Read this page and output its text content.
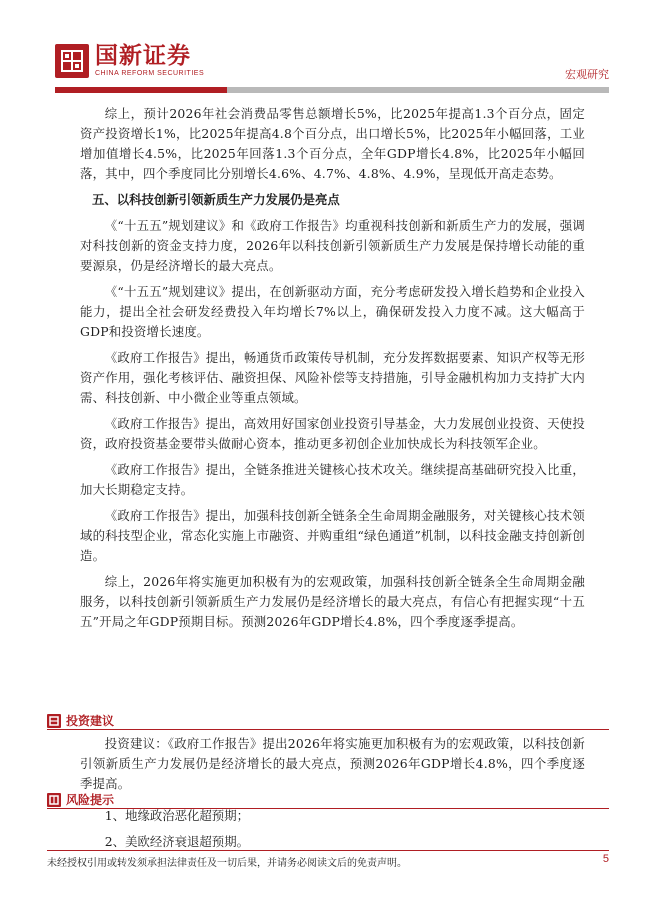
国新证券
CHINA REFORM SECURITIES	宏观研究

综上，预计2026年社会消费品零售总额增长5%，比2025年提高1.3个百分点，固定资产投资增长1%，比2025年提高4.8个百分点，出口增长5%，比2025年小幅回落，工业增加值增长4.5%，比2025年回落1.3个百分点，全年GDP增长4.8%，比2025年小幅回落，其中，四个季度同比分别增长4.6%、4.7%、4.8%、4.9%，呈现低开高走态势。

五、以科技创新引领新质生产力发展仍是亮点

《“十五五”规划建议》和《政府工作报告》均重视科技创新和新质生产力的发展，强调对科技创新的资金支持力度，2026年以科技创新引领新质生产力发展是保持增长动能的重要源泉，仍是经济增长的最大亮点。

《“十五五”规划建议》提出，在创新驱动方面，充分考虑研发投入增长趋势和企业投入能力，提出全社会研发经费投入年均增长7%以上，确保研发投入力度不减。这大幅高于GDP和投资增长速度。

《政府工作报告》提出，畅通货币政策传导机制，充分发挥数据要素、知识产权等无形资产作用，强化考核评估、融资担保、风险补偿等支持措施，引导金融机构加力支持扩大内需、科技创新、中小微企业等重点领域。

《政府工作报告》提出，高效用好国家创业投资引导基金，大力发展创业投资、天使投资，政府投资基金要带头做耐心资本，推动更多初创企业加快成长为科技领军企业。

《政府工作报告》提出，全链条推进关键核心技术攻关。继续提高基础研究投入比重，加大长期稳定支持。

《政府工作报告》提出，加强科技创新全链条全生命周期金融服务，对关键核心技术领域的科技型企业，常态化实施上市融资、并购重组“绿色通道”机制，以科技金融支持创新创造。

综上，2026年将实施更加积极有为的宏观政策，加强科技创新全链条全生命周期金融服务，以科技创新引领新质生产力发展仍是经济增长的最大亮点，有信心有把握实现“十五五”开局之年GDP预期目标。预测2026年GDP增长4.8%，四个季度逐季提高。

投资建议

投资建议：《政府工作报告》提出2026年将实施更加积极有为的宏观政策，以科技创新引领新质生产力发展仍是经济增长的最大亮点，预测2026年GDP增长4.8%，四个季度逐季提高。

风险提示

1、地缘政治恶化超预期；

2、美欧经济衰退超预期。

未经授权引用或转发须承担法律责任及一切后果，并请务必阅读文后的免责声明。	5
